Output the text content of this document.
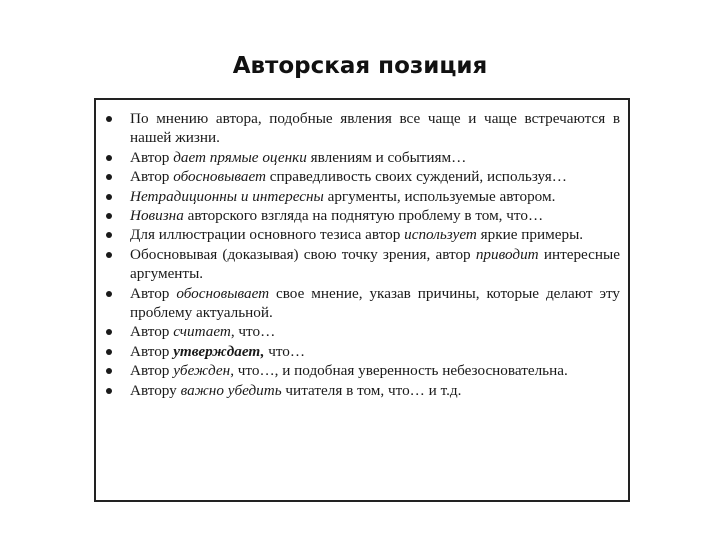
Авторская позиция
По мнению автора, подобные явления все чаще и чаще встречаются в нашей жизни.
Автор дает прямые оценки явлениям и событиям…
Автор обосновывает справедливость своих суждений, используя…
Нетрадиционны и интересны аргументы, используемые автором.
Новизна авторского взгляда на поднятую проблему в том, что…
Для иллюстрации основного тезиса автор использует яркие примеры.
Обосновывая (доказывая) свою точку зрения, автор приводит интересные аргументы.
Автор обосновывает свое мнение, указав причины, которые делают эту проблему актуальной.
Автор считает, что…
Автор утверждает, что…
Автор убежден, что…, и подобная уверенность небезосновательна.
Автору важно убедить читателя в том, что… и т.д.
